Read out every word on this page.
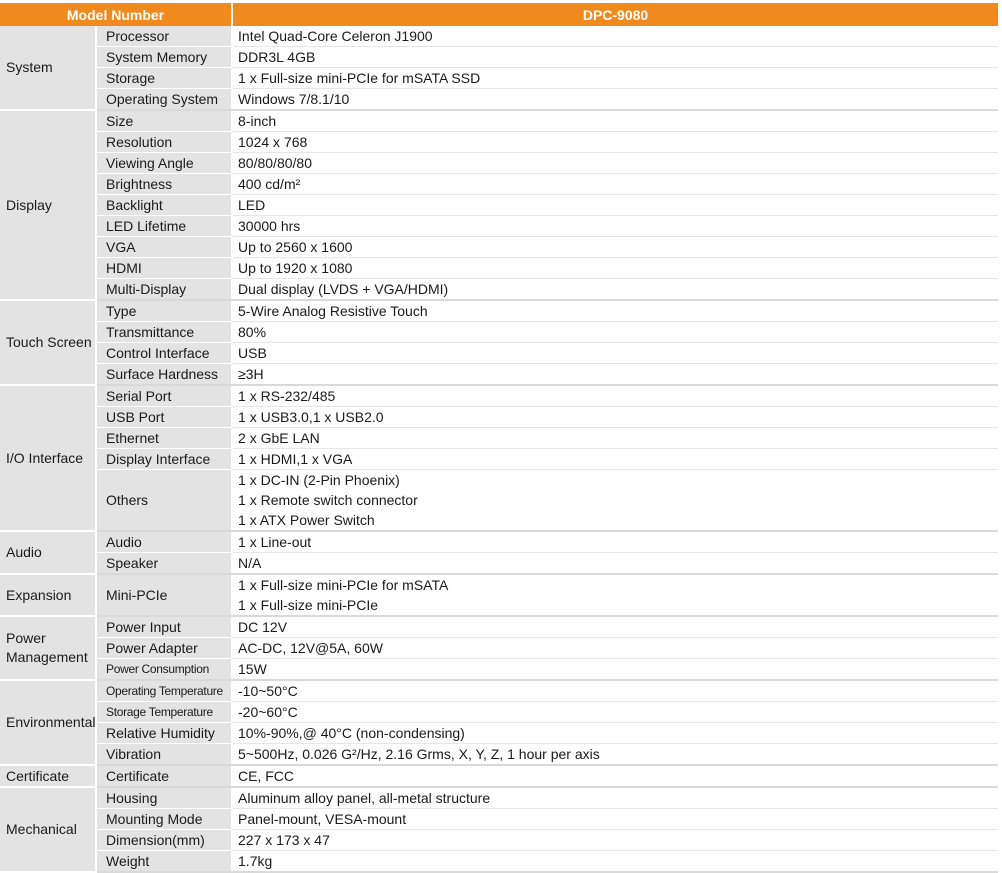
Model Number		DPC-9080
System	Processor	Intel Quad-Core Celeron J1900

	System Memory	DDR3L 4GB

	Storage	1 x Full-size mini-PCIe for mSATA SSD

	Operating System	Windows 7/8.1/10

Display	Size	8-inch

	Resolution	1024 x 768

	Viewing Angle	80/80/80/80

	Brightness	400 cd/m²

	Backlight	LED

	LED Lifetime	30000 hrs

	VGA	Up to 2560 x 1600

	HDMI	Up to 1920 x 1080

	Multi-Display	Dual display (LVDS + VGA/HDMI)

Touch Screen	Type	5-Wire Analog Resistive Touch

	Transmittance	80%

	Control Interface	USB

	Surface Hardness	≥3H

I/O Interface	Serial Port	1 x RS-232/485

	USB Port	1 x USB3.0,1 x USB2.0

	Ethernet	2 x GbE LAN

	Display Interface	1 x HDMI,1 x VGA

	Others	1 x DC-IN (2-Pin Phoenix)
1 x Remote switch connector
1 x ATX Power Switch

Audio	Audio	1 x Line-out

	Speaker	N/A

Expansion	Mini-PCIe	1 x Full-size mini-PCIe for mSATA
1 x Full-size mini-PCIe

Power Management	Power Input	DC 12V

	Power Adapter	AC-DC, 12V@5A, 60W

	Power Consumption	15W

Environmental	Operating Temperature	-10~50°C

	Storage Temperature	-20~60°C

	Relative Humidity	10%-90%,@ 40°C (non-condensing)

	Vibration	5~500Hz, 0.026 G²/Hz, 2.16 Grms, X, Y, Z, 1 hour per axis

Certificate	Certificate	CE, FCC

Mechanical	Housing	Aluminum alloy panel, all-metal structure

	Mounting Mode	Panel-mount, VESA-mount

	Dimension(mm)	227 x 173 x 47

	Weight	1.7kg
